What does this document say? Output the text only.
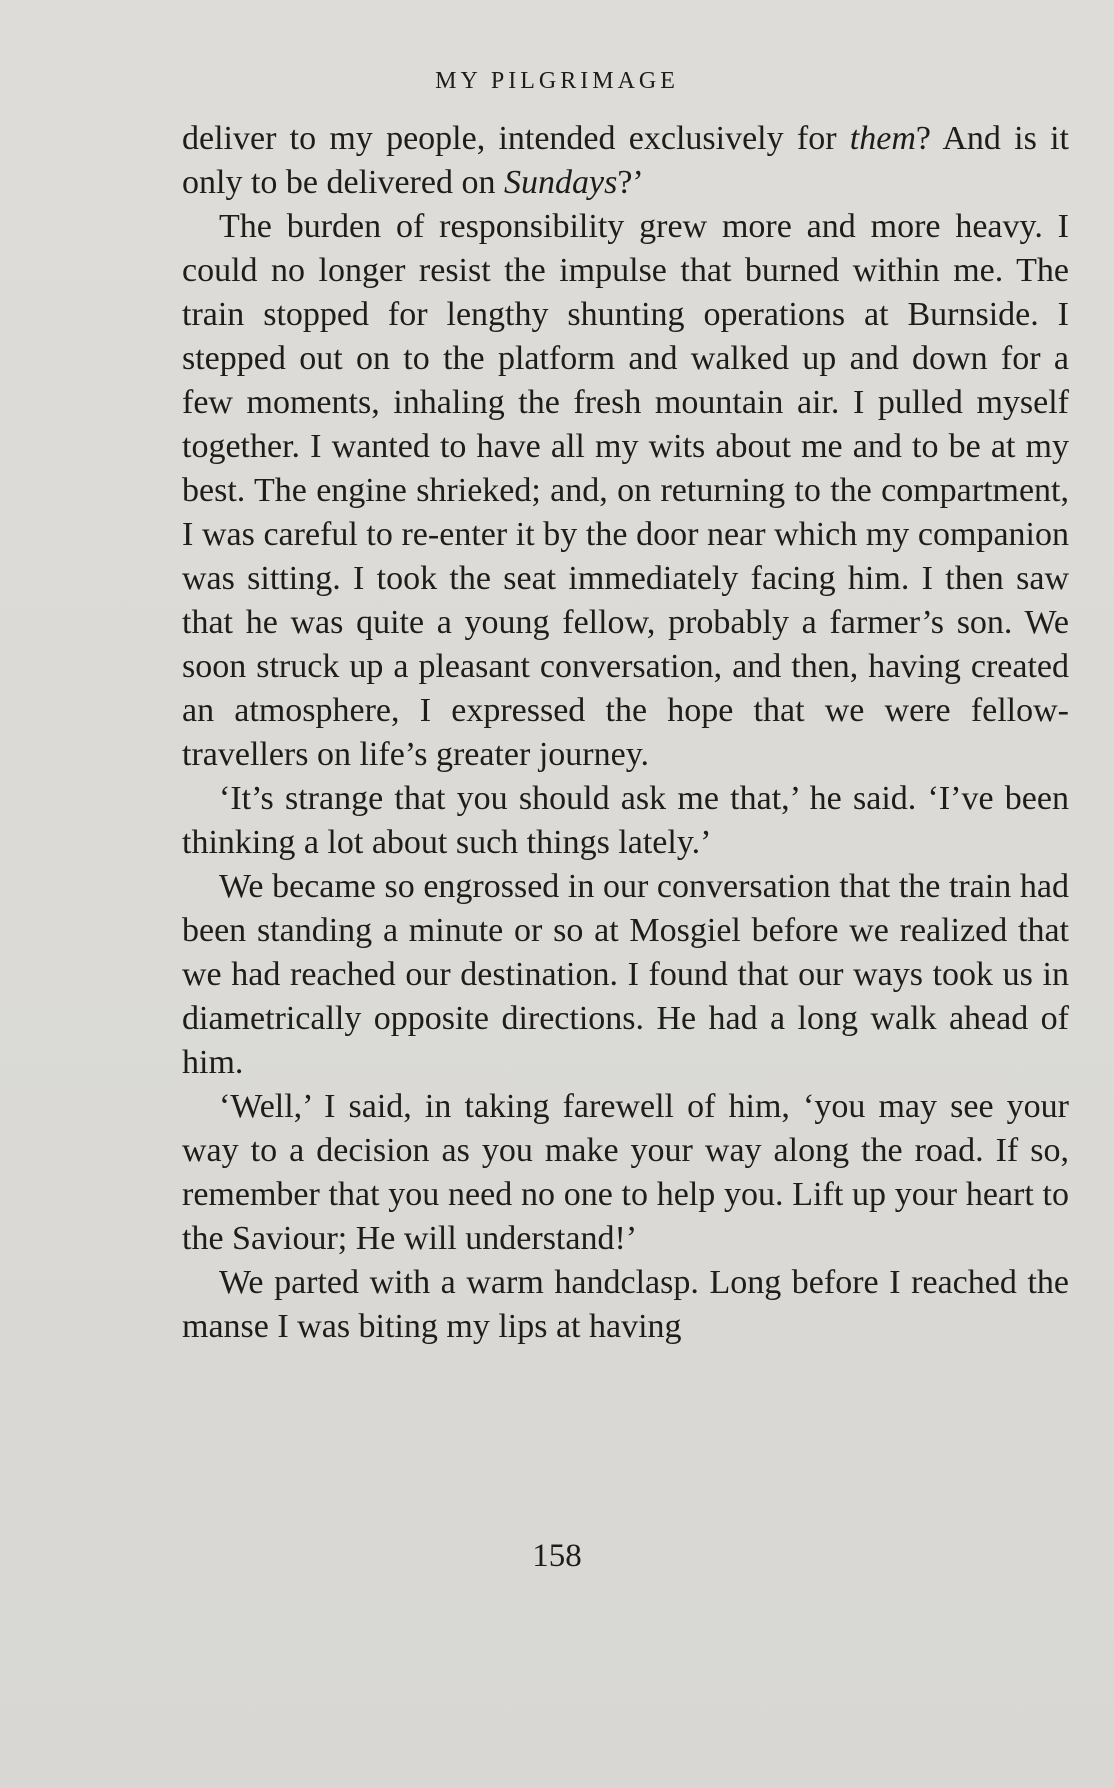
MY PILGRIMAGE

deliver to my people, intended exclusively for them? And is it only to be delivered on Sundays?’

The burden of responsibility grew more and more heavy. I could no longer resist the impulse that burned within me. The train stopped for lengthy shunting operations at Burnside. I stepped out on to the platform and walked up and down for a few moments, inhaling the fresh mountain air. I pulled myself together. I wanted to have all my wits about me and to be at my best. The engine shrieked; and, on returning to the compartment, I was careful to re-enter it by the door near which my companion was sitting. I took the seat immediately facing him. I then saw that he was quite a young fellow, probably a farmer’s son. We soon struck up a pleasant conversation, and then, having created an atmosphere, I expressed the hope that we were fellow-travellers on life’s greater journey.

‘It’s strange that you should ask me that,’ he said. ‘I’ve been thinking a lot about such things lately.’

We became so engrossed in our conversation that the train had been standing a minute or so at Mosgiel before we realized that we had reached our destination. I found that our ways took us in diametrically opposite directions. He had a long walk ahead of him.

‘Well,’ I said, in taking farewell of him, ‘you may see your way to a decision as you make your way along the road. If so, remember that you need no one to help you. Lift up your heart to the Saviour; He will understand!’

We parted with a warm handclasp. Long before I reached the manse I was biting my lips at having

158
